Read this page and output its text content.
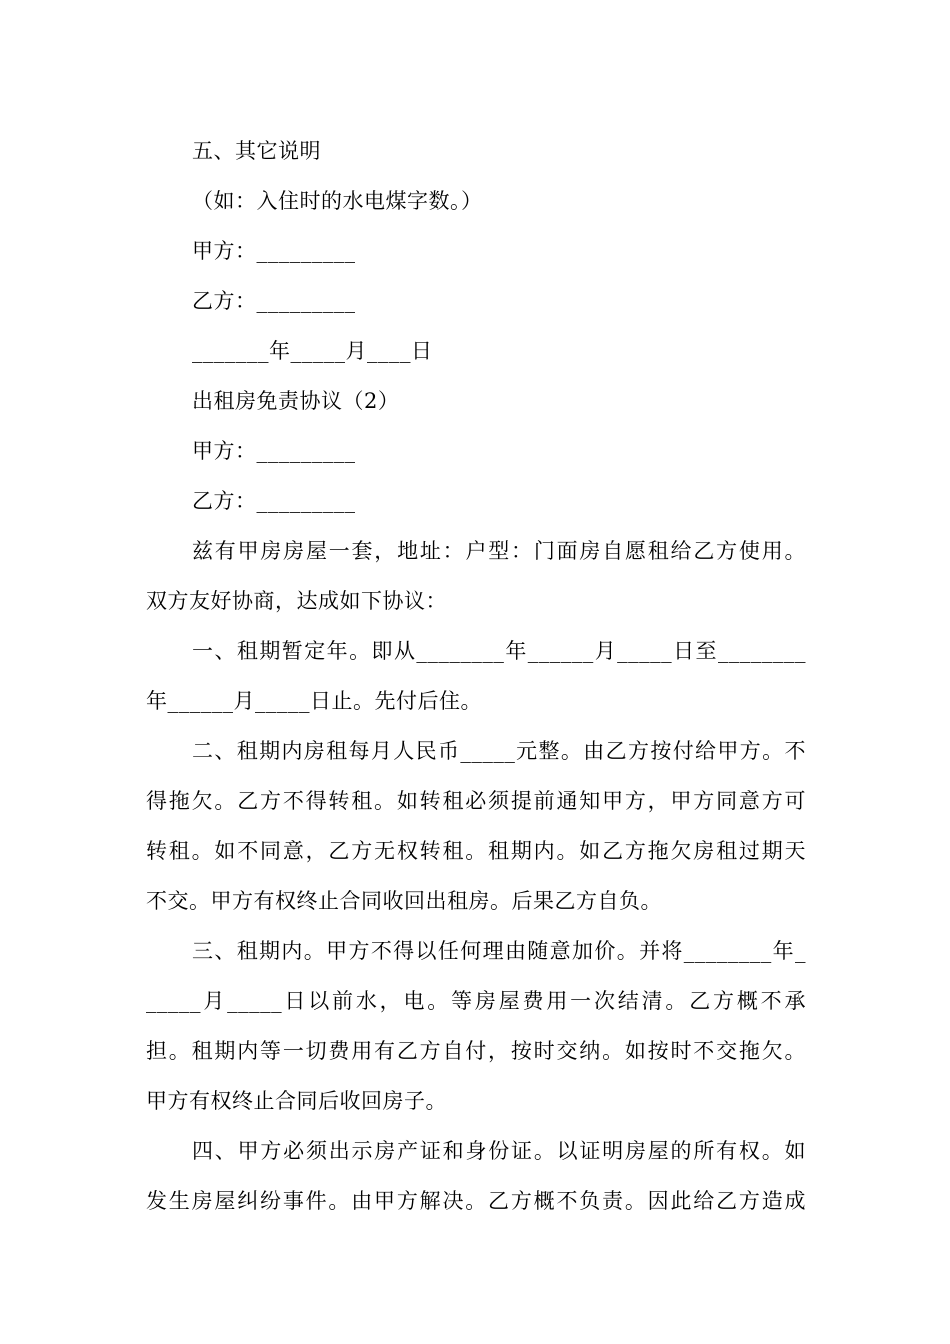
五、其它说明
（如：入住时的水电煤字数。）
甲方：_________
乙方：_________
_______年_____月____日
出租房免责协议（2）
甲方：_________
乙方：_________
兹有甲房房屋一套，地址：户型：门面房自愿租给乙方使用。
双方友好协商，达成如下协议：
一、租期暂定年。即从________年______月_____日至________
年______月_____日止。先付后住。
二、租期内房租每月人民币_____元整。由乙方按付给甲方。不
得拖欠。乙方不得转租。如转租必须提前通知甲方，甲方同意方可
转租。如不同意，乙方无权转租。租期内。如乙方拖欠房租过期天
不交。甲方有权终止合同收回出租房。后果乙方自负。
三、租期内。甲方不得以任何理由随意加价。并将________年_
_____月_____日以前水，电。等房屋费用一次结清。乙方概不承
担。租期内等一切费用有乙方自付，按时交纳。如按时不交拖欠。
甲方有权终止合同后收回房子。
四、甲方必须出示房产证和身份证。以证明房屋的所有权。如
发生房屋纠纷事件。由甲方解决。乙方概不负责。因此给乙方造成
